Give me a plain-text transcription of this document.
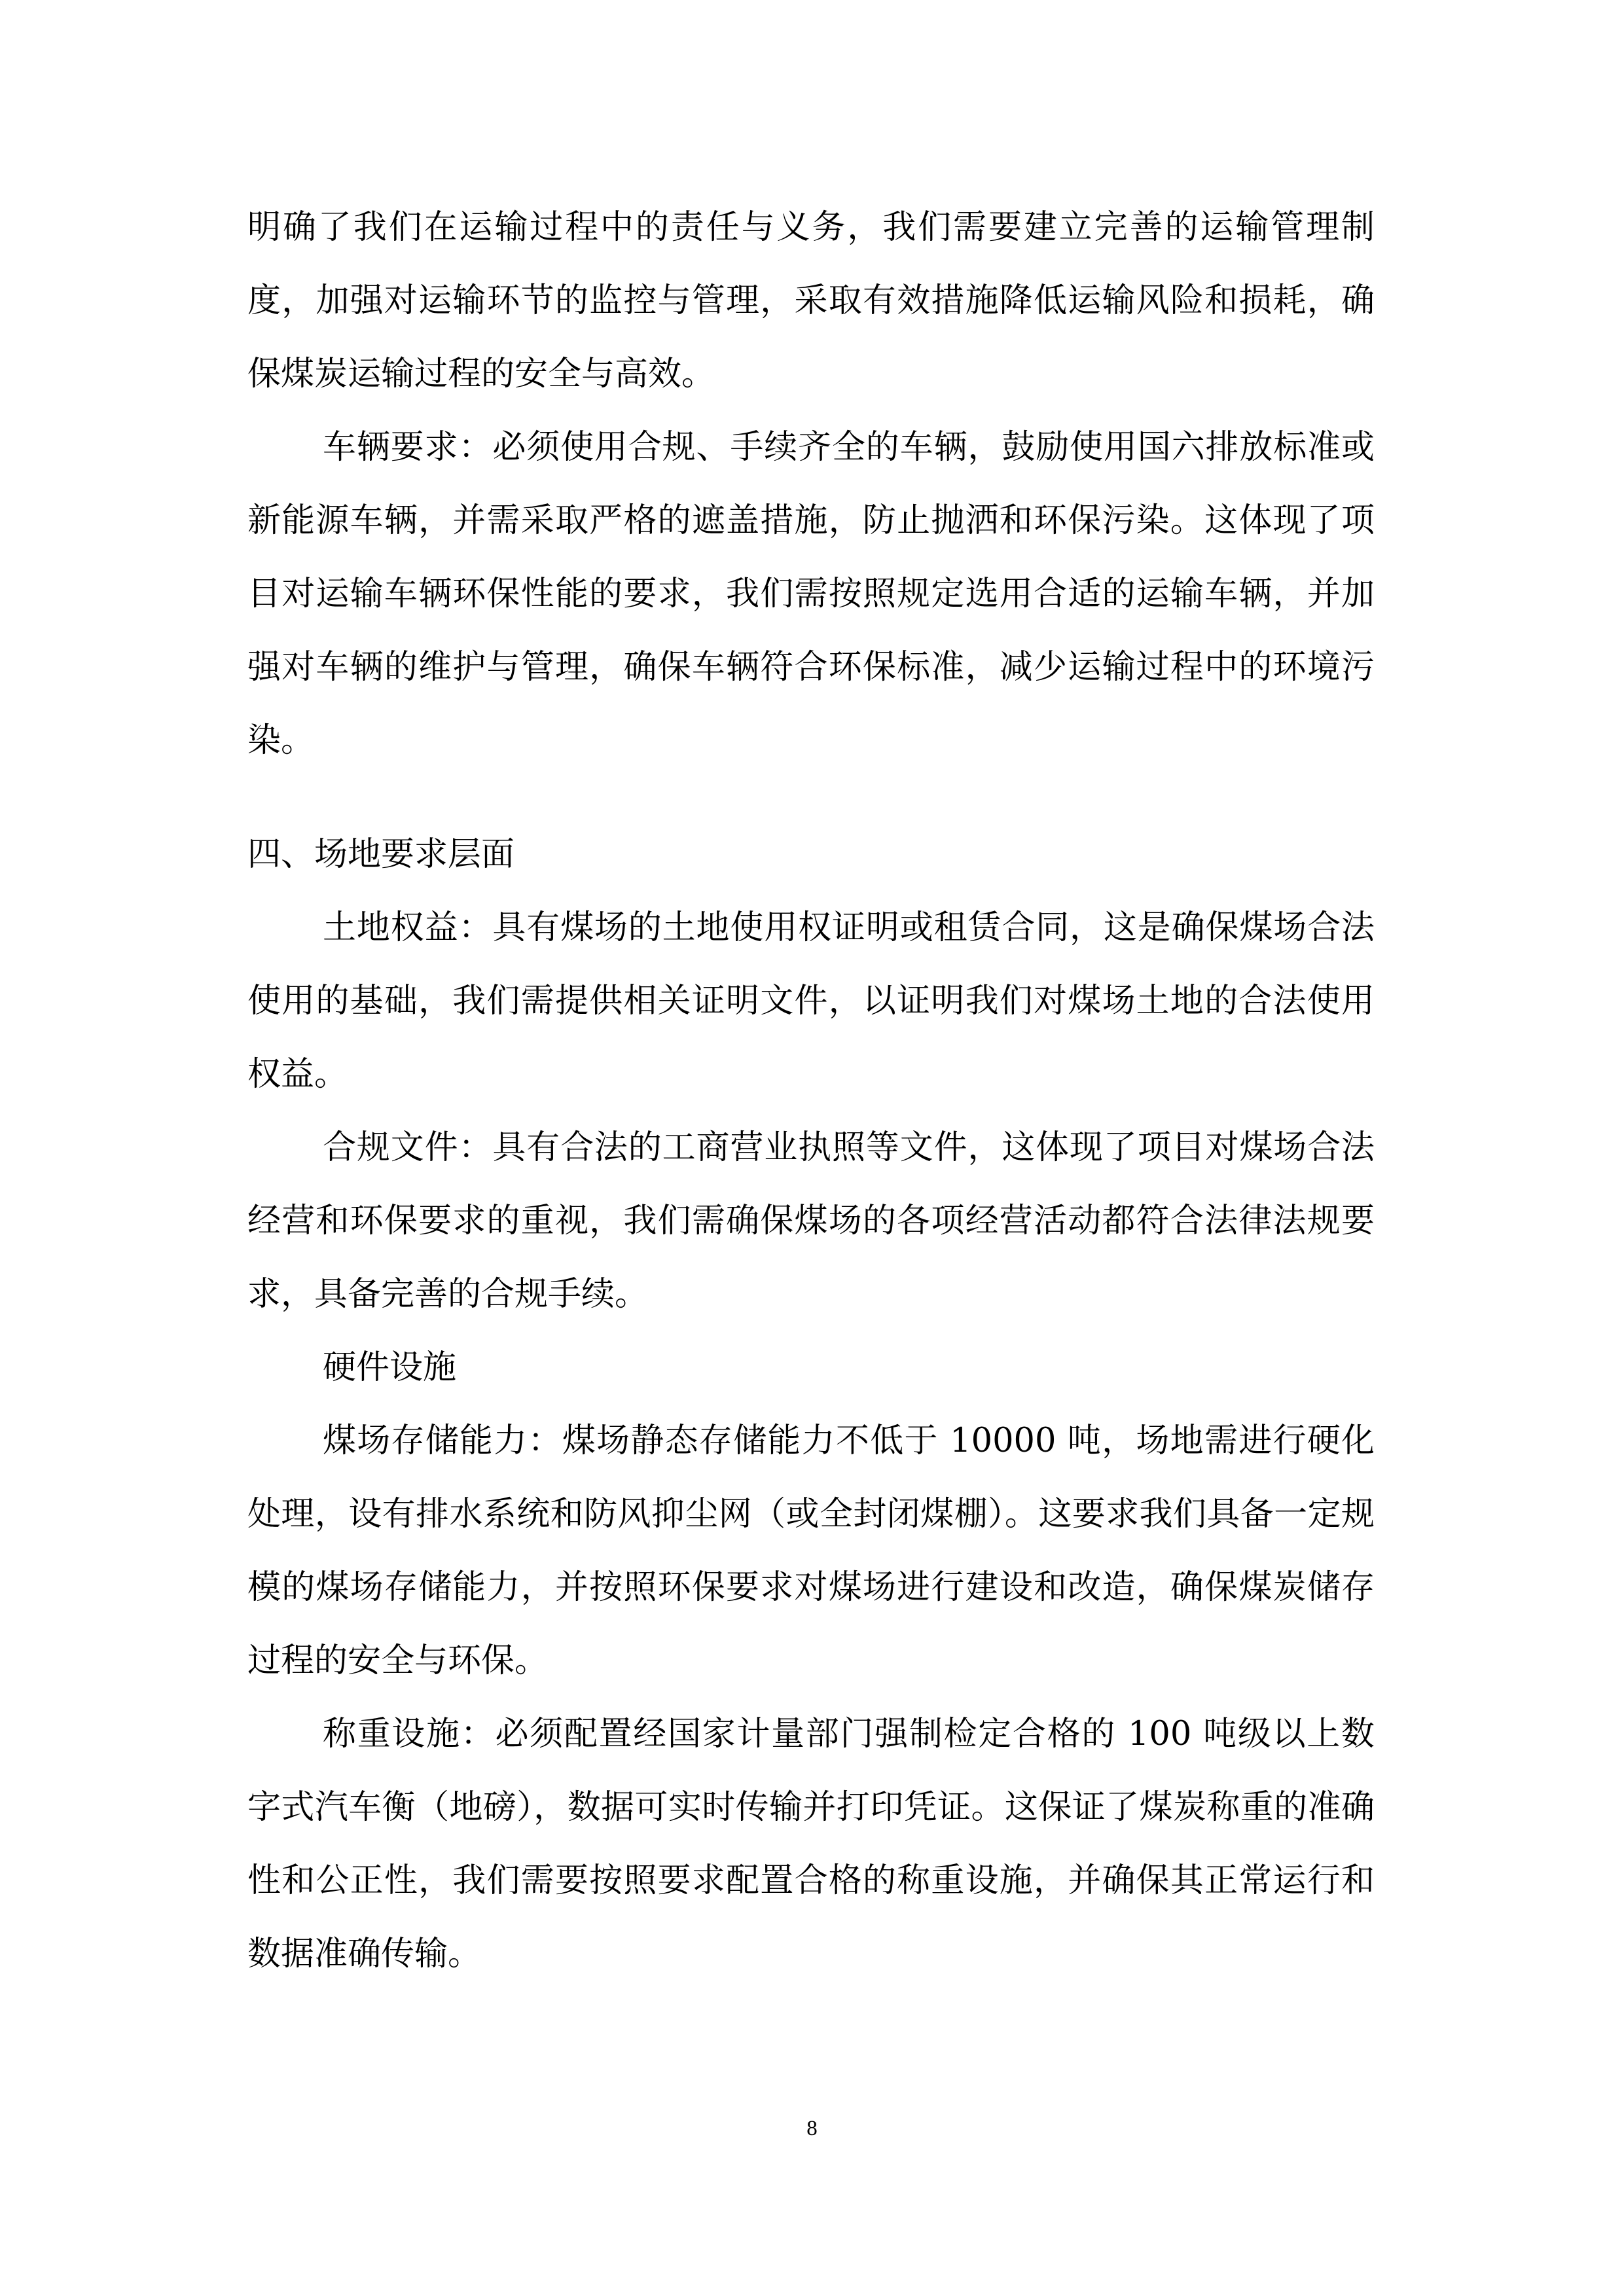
明确了我们在运输过程中的责任与义务，我们需要建立完善的运输管理制度，加强对运输环节的监控与管理，采取有效措施降低运输风险和损耗，确保煤炭运输过程的安全与高效。

车辆要求：必须使用合规、手续齐全的车辆，鼓励使用国六排放标准或新能源车辆，并需采取严格的遮盖措施，防止抛洒和环保污染。这体现了项目对运输车辆环保性能的要求，我们需按照规定选用合适的运输车辆，并加强对车辆的维护与管理，确保车辆符合环保标准，减少运输过程中的环境污染。

四、场地要求层面

土地权益：具有煤场的土地使用权证明或租赁合同，这是确保煤场合法使用的基础，我们需提供相关证明文件，以证明我们对煤场土地的合法使用权益。

合规文件：具有合法的工商营业执照等文件，这体现了项目对煤场合法经营和环保要求的重视，我们需确保煤场的各项经营活动都符合法律法规要求，具备完善的合规手续。

硬件设施

煤场存储能力：煤场静态存储能力不低于 10000 吨，场地需进行硬化处理，设有排水系统和防风抑尘网（或全封闭煤棚）。这要求我们具备一定规模的煤场存储能力，并按照环保要求对煤场进行建设和改造，确保煤炭储存过程的安全与环保。

称重设施：必须配置经国家计量部门强制检定合格的 100 吨级以上数字式汽车衡（地磅），数据可实时传输并打印凭证。这保证了煤炭称重的准确性和公正性，我们需要按照要求配置合格的称重设施，并确保其正常运行和数据准确传输。

8
